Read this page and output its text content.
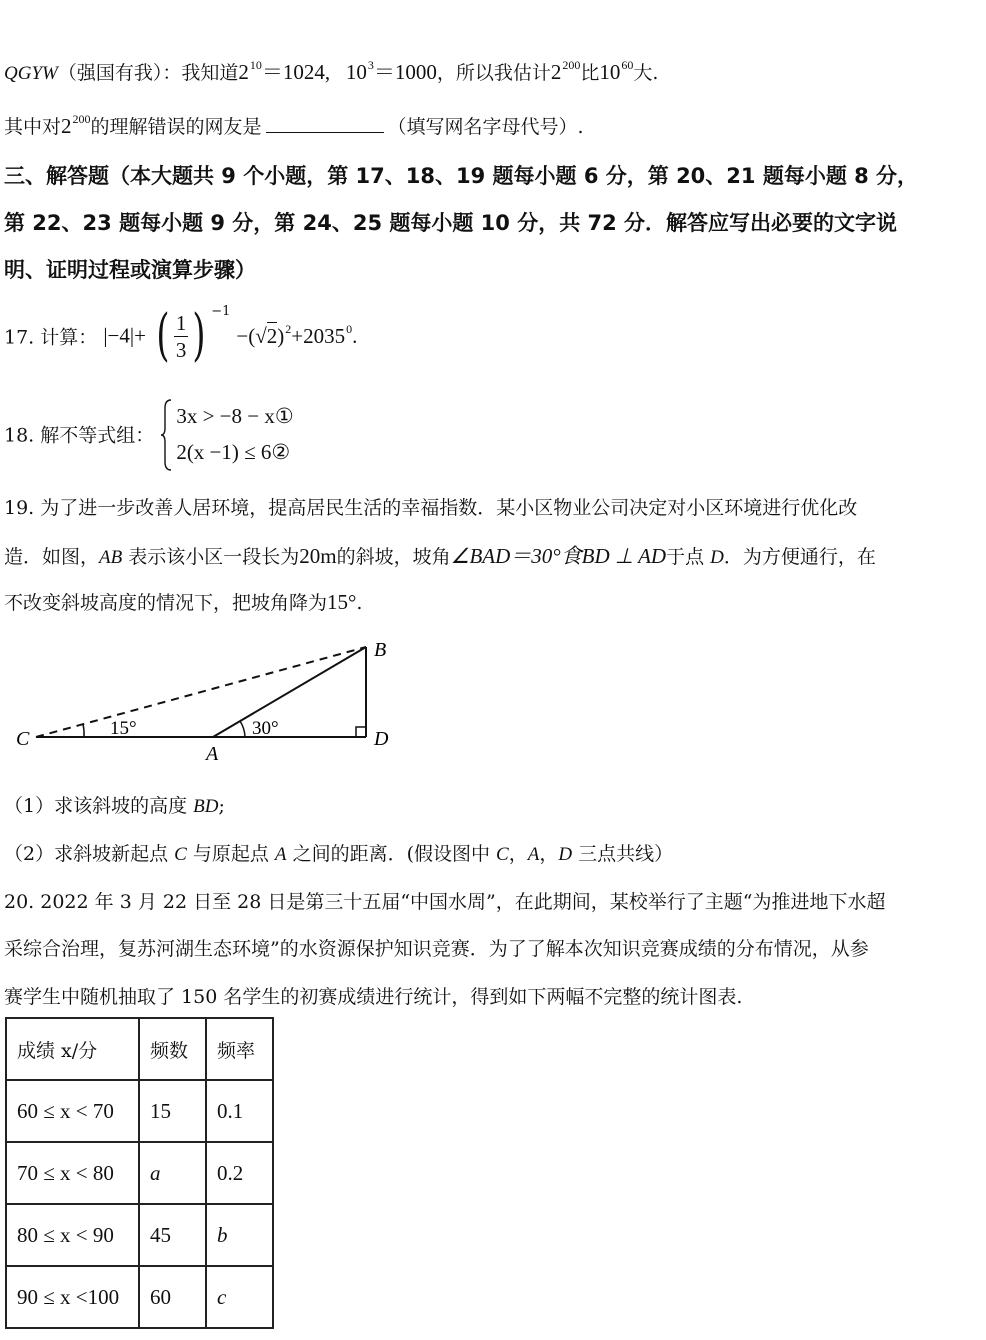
QGYW（强国有我）：我知道$2^{10}=1024$, $10^3=1000$，所以我估计$2^{200}$比$10^{60}$大.
其中对$2^{200}$的理解错误的网友是	（填写网名字母代号）.
三、解答题（本大题共 9 个小题，第 17、18、19 题每小题 6 分，第 20、21 题每小题 8 分，
第 22、23 题每小题 9 分，第 24、25 题每小题 10 分，共 72 分．解答应写出必要的文字说
明、证明过程或演算步骤）
17. 计算： |−4|+ ( $\frac{1}{3}$ ) $^{-1} -(√2)^2+2035^0$.
18. 解不等式组：
3x > −8 − x①
2(x −1) ≤ 6②
19. 为了进一步改善人居环境，提高居民生活的幸福指数．某小区物业公司决定对小区环境进行优化改
造．如图，AB 表示该小区一段长为20m的斜坡，坡角∠BAD＝30°食BD ⊥ AD于点 D．为方便通行，在
不改变斜坡高度的情况下，把坡角降为15°.
B
C
A
D
15°	30°
（1）求该斜坡的高度 BD;
（2）求斜坡新起点 C 与原起点 A 之间的距离．(假设图中 C，A，D 三点共线）
20. 2022 年 3 月 22 日至 28 日是第三十五届“中国水周”，在此期间，某校举行了主题“为推进地下水超
采综合治理，复苏河湖生态环境”的水资源保护知识竞赛．为了了解本次知识竞赛成绩的分布情况，从参
赛学生中随机抽取了 150 名学生的初赛成绩进行统计，得到如下两幅不完整的统计图表.
成绩 x/分	频数	频率
60 ≤ x < 70	15	0.1
70 ≤ x < 80	a	0.2
80 ≤ x < 90	45	b
90 ≤ x <100	60	c
